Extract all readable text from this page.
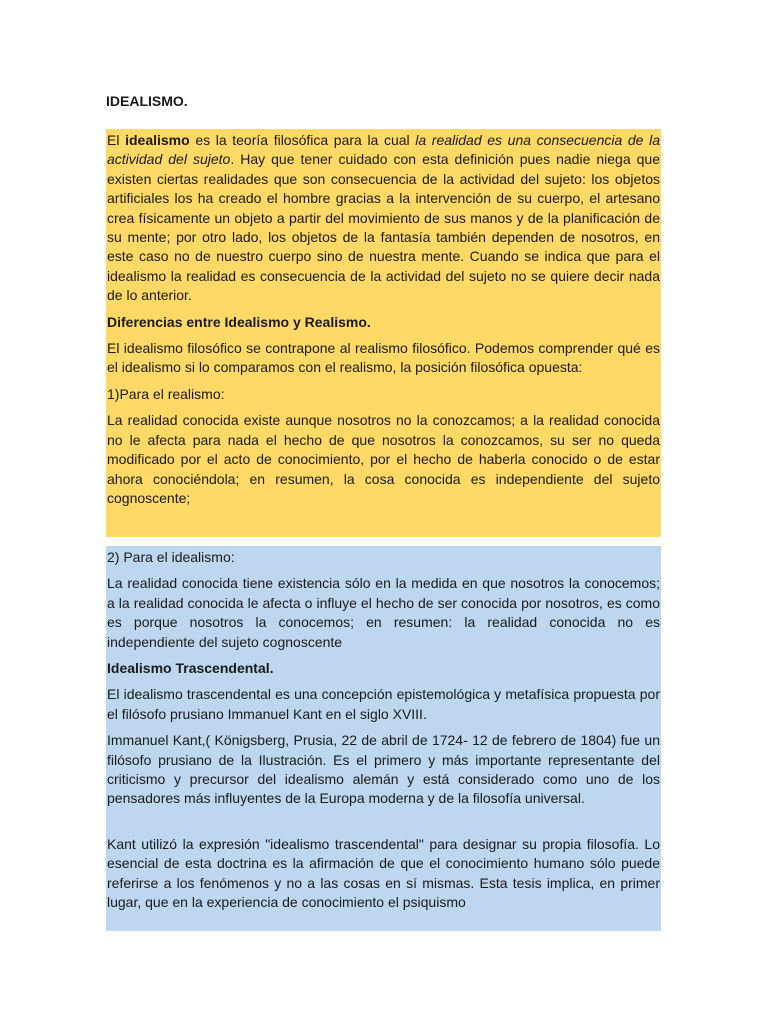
IDEALISMO.

El idealismo es la teoría filosófica para la cual la realidad es una consecuencia de la actividad del sujeto. Hay que tener cuidado con esta definición pues nadie niega que existen ciertas realidades que son consecuencia de la actividad del sujeto: los objetos artificiales los ha creado el hombre gracias a la intervención de su cuerpo, el artesano crea físicamente un objeto a partir del movimiento de sus manos y de la planificación de su mente; por otro lado, los objetos de la fantasía también dependen de nosotros, en este caso no de nuestro cuerpo sino de nuestra mente. Cuando se indica que para el idealismo la realidad es consecuencia de la actividad del sujeto no se quiere decir nada de lo anterior.

Diferencias entre Idealismo y Realismo.

El idealismo filosófico se contrapone al realismo filosófico. Podemos comprender qué es el idealismo si lo comparamos con el realismo, la posición filosófica opuesta:

1)Para el realismo:

La realidad conocida existe aunque nosotros no la conozcamos; a la realidad conocida no le afecta para nada el hecho de que nosotros la conozcamos, su ser no queda modificado por el acto de conocimiento, por el hecho de haberla conocido o de estar ahora conociéndola; en resumen, la cosa conocida es independiente del sujeto cognoscente;

2) Para el idealismo:

La realidad conocida tiene existencia sólo en la medida en que nosotros la conocemos; a la realidad conocida le afecta o influye el hecho de ser conocida por nosotros, es como es porque nosotros la conocemos; en resumen: la realidad conocida no es independiente del sujeto cognoscente

Idealismo Trascendental.

El idealismo trascendental es una concepción epistemológica y metafísica propuesta por el filósofo prusiano Immanuel Kant en el siglo XVIII.

Immanuel Kant,( Königsberg, Prusia, 22 de abril de 1724- 12 de febrero de 1804) fue un filósofo prusiano de la Ilustración. Es el primero y más importante representante del criticismo y precursor del idealismo alemán y está considerado como uno de los pensadores más influyentes de la Europa moderna y de la filosofía universal.

Kant utilizó la expresión "idealismo trascendental" para designar su propia filosofía. Lo esencial de esta doctrina es la afirmación de que el conocimiento humano sólo puede referirse a los fenómenos y no a las cosas en sí mismas. Esta tesis implica, en primer lugar, que en la experiencia de conocimiento el psiquismo
